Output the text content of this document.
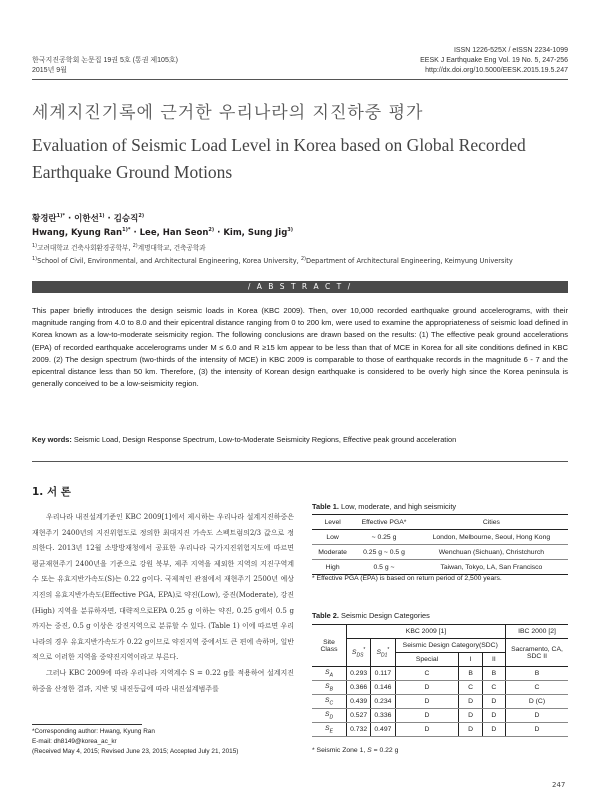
한국지진공학회 논문집 19권 5호 (통권 제105호)
2015년 9월
ISSN 1226-525X / eISSN 2234-1099
EESK J Earthquake Eng Vol. 19 No. 5, 247-256
http://dx.doi.org/10.5000/EESK.2015.19.5.247
세계지진기록에 근거한 우리나라의 지진하중 평가
Evaluation of Seismic Load Level in Korea based on Global Recorded Earthquake Ground Motions
황경란$^{1)*}$ · 이한선$^{1)}$ · 김승직$^{2)}$
Hwang, Kyung Ran$^{1)*}$ · Lee, Han Seon$^{2)}$ · Kim, Sung Jig$^{3)}$
$^{1)}$고려대학교 건축사회환경공학부, $^{2)}$계명대학교, 건축공학과
$^{1)}$School of Civil, Environmental, and Architectural Engineering, Korea University, $^{2)}$Department of Architectural Engineering, Keimyung University
/ A B S T R A C T /
This paper briefly introduces the design seismic loads in Korea (KBC 2009). Then, over 10,000 recorded earthquake ground accelerograms, with their magnitude ranging from 4.0 to 8.0 and their epicentral distance ranging from 0 to 200 km, were used to examine the appropriateness of seismic load defined in Korea known as a low-to-moderate seismicity region. The following conclusions are drawn based on the results: (1) The effective peak ground accelerations (EPA) of recorded earthquake accelerograms under M ≤ 6.0 and R ≥15 km appear to be less than that of MCE in Korea for all site conditions defined in KBC 2009. (2) The design spectrum (two-thirds of the intensity of MCE) in KBC 2009 is comparable to those of earthquake records in the magnitude 6 - 7 and the epicentral distance less than 50 km. Therefore, (3) the intensity of Korean design earthquake is considered to be overly high since the Korea peninsula is generally conceived to be a low-seismicity region.
Key words: Seismic Load, Design Response Spectrum, Low-to-Moderate Seismicity Regions, Effective peak ground acceleration
1. 서 론

우리나라 내진설계기준인 KBC 2009[1]에서 제시하는 우리나라 설계지진하중은 재현주기 2400년의 지진위험도로 정의한 최대지진 가속도 스펙트럼의2/3 값으로 정의한다. 2013년 12월 소방방재청에서 공표한 우리나라 국가지진위험지도에 따르면 평균재현주기 2400년을 기준으로 강원 북부, 제주 지역을 제외한 지역의 지진구역계수 또는 유효지반가속도(S)는 0.22 g이다. 국제적인 관점에서 재현주기 2500년 예상지진의 유효지반가속도(Effective PGA, EPA)로 약진(Low), 중진(Moderate), 강진(High) 지역을 분류하자면, 대략적으로EPA 0.25 g 이하는 약진, 0.25 g에서 0.5 g까지는 중진, 0.5 g 이상은 강진지역으로 분류할 수 있다. (Table 1) 이에 따르면 우리나라의 경우 유효지반가속도가 0.22 g이므로 약진지역 중에서도 큰 편에 속하며, 일반적으로 이러한 지역을 중약진지역이라고 부른다.

그러나 KBC 2009에 따라 우리나라 지역계수 S = 0.22 g를 적용하여 설계지진하중을 산정한 결과, 지반 및 내진등급에 따라 내진설계범주를

*Corresponding author: Hwang, Kyung Ran
E-mail: dh8149@korea_ac_kr
(Received May 4, 2015; Revised June 23, 2015; Accepted July 21, 2015)
Table 1. Low, moderate, and high seismicity
Level	Effective PGA*	Cities
Low	~ 0.25 g	London, Melbourne, Seoul, Hong Kong
Moderate	0.25 g ~ 0.5 g	Wenchuan (Sichuan), Christchurch
High	0.5 g ~	Taiwan, Tokyo, LA, San Francisco
* Effective PGA (EPA) is based on return period of 2,500 years.
Table 2. Seismic Design Categories
Site Class	KBC 2009 [1]					IBC 2000 [2]
	$S_{DS}^*$	$S_{D1}^*$	Seismic Design Category(SDC)			Sacramento, CA, SDC II
			Special	I	II	
$S_A$	0.293	0.117	C	B	B	B
$S_B$	0.366	0.146	D	C	C	C
$S_C$	0.439	0.234	D	D	D	D (C)
$S_D$	0.527	0.336	D	D	D	D
$S_E$	0.732	0.497	D	D	D	D
* Seismic Zone 1, S = 0.22 g
247
